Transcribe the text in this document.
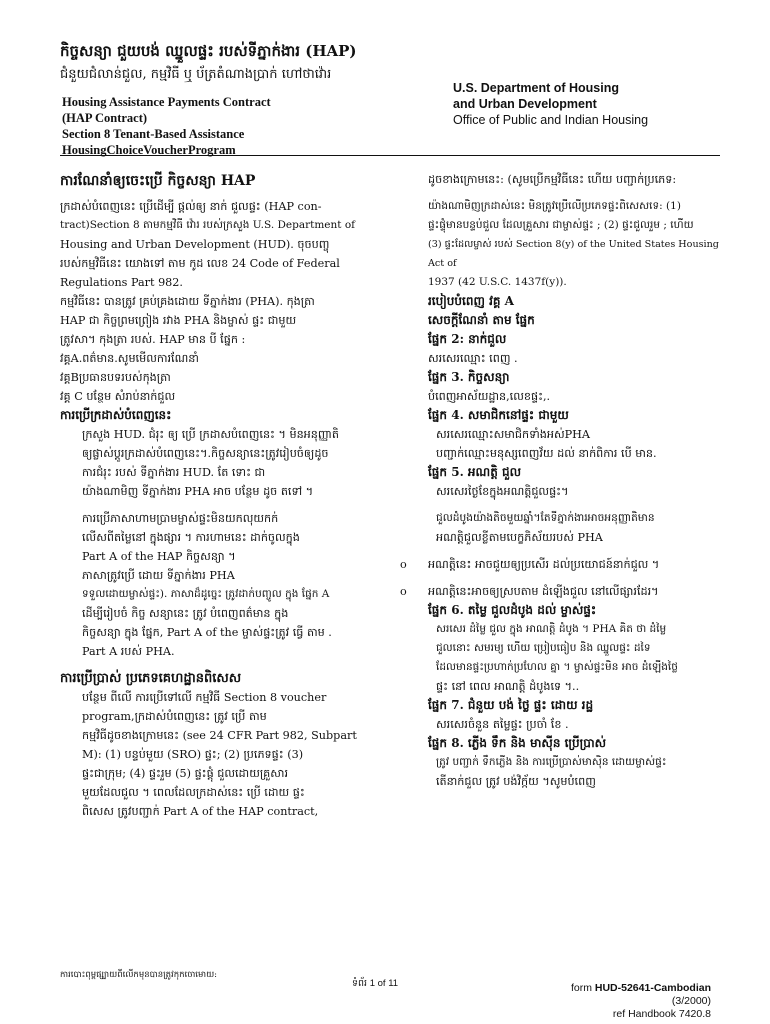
កិច្ចសន្យា ជួយបង់ ឈ្នួលផ្ទះ របស់ទីភ្នាក់ងារ (HAP)
ជំនួយជំលាន់ជួល, កម្មវិធី ឬ ប័ត្រតំណាងប្រាក់ ហៅថាវ៉ោរ
Housing Assistance Payments Contract
(HAP Contract)
Section 8 Tenant-Based Assistance
HousingChoiceVoucherProgram
U.S. Department of Housing
and Urban Development
Office of Public and Indian Housing

ការណែនាំឲ្យចេះប្រើ កិច្ចសន្យា HAP

ក្រដាស់បំពេញនេះ ប្រើដើម្បី ផ្តល់ឲ្យ នាក់ ជួលផ្ទះ (HAP con-

tract)Section 8 តាមកម្មវិធី វ៉ោរ របស់ក្រសួង U.S. Department of

Housing and Urban Development (HUD). ចុចបញ្ចុ

របស់កម្មវិធីនេះ យោងទៅ តាម កូដ លេខ 24 Code of Federal

Regulations Part 982.

កម្មវិធីនេះ បានត្រូវ គ្រប់គ្រងដោយ ទីភ្នាក់ងារ (PHA). កុងត្រា

HAP ជា កិច្ចព្រមព្រៀង រវាង PHA និងម្ចាស់ ផ្ទះ ជាមួយ

ត្រូវសា។ កុងត្រា របស់. HAP មាន បី ផ្នែក :

វគ្គA.ពត៌មាន.សូមមើលការណែនាំ

វគ្គBប្រធានបទរបស់កុងត្រា

វគ្គ C បន្ថែម សំរាប់នាក់ជួល

ការប្រើក្រដាស់បំពេញនេះ

ក្រសួង HUD. ជំរុះ ឲ្យ ប្រើ ក្រដាសបំពេញនេះ ។ មិនអនុញ្ញាតិ

ឲ្យផ្លាស់ប្តូរក្រដាស់បំពេញនេះ។.កិច្ចសន្យានេះត្រូវរៀបចំឲ្យដូច

ការជំរុះ របស់ ទីភ្នាក់ងារ HUD. តែ ទោះ ជា

យ៉ាងណាមិញ ទីភ្នាក់ងារ PHA អាច បន្ថែម ដូច តទៅ ។

ការប្រើភាសាហាមប្រាមម្ចាស់ផ្ទះមិនយកលុយកក់

លើសពីតម្លៃនៅ ក្នុងផ្សារ ។ ការហាមនេះ ដាក់ចូលក្នុង

Part A of the HAP កិច្ចសន្យា ។

ភាសាត្រូវប្រើ ដោយ ទីភ្នាក់ងារ PHA

ទទួលដោយម្ចាស់ផ្ទះ). ភាសាដ៏ដូច្នេះ ត្រូវដាក់បញ្ចូល ក្នុង ផ្នែក A

ដើម្បីរៀបចំ កិច្ច សន្យានេះ ត្រូវ បំពេញពត៌មាន ក្នុង

កិច្ចសន្យា ក្នុង ផ្នែក, Part A of the ម្ចាស់ផ្ទះត្រូវ ធ្វើ តាម .

Part A របស់ PHA.

ការប្រើប្រាស់ ប្រភេទគេហដ្ឋានពិសេស

បន្ថែម ពីលើ ការប្រើទៅលើ កម្មវិធី Section 8 voucher

program,ក្រដាស់បំពេញនេះ ត្រូវ ប្រើ តាម

កម្មវិធីដូចខាងក្រោមនេះ (see 24 CFR Part 982, Subpart

M): (1) បន្ទប់មួយ (SRO) ផ្ទះ; (2) ប្រភេទផ្ទះ (3)

ផ្ទះជាក្រុម; (4) ផ្ទះរួម (5) ផ្ទះផ្ដុំ ជួលដោយគ្រួសារ

មួយដែលជួល ។ ពេលដែលក្រដាស់នេះ ប្រើ ដោយ ផ្ទះ

ពិសេស ត្រូវបញ្ជាក់ Part A of the HAP contract,

ដូចខាងក្រោមនេះ: (សូមប្រើកម្មវិធីនេះ ហើយ បញ្ជាក់ប្រភេទ:

យ៉ាងណាមិញក្រដាស់នេះ មិនត្រូវប្រើលើប្រភេទផ្ទះពិសេសទេ: (1)

ផ្ទះផ្ទុំមានបន្ទប់ជួល ដែលគ្រួសារ ជាម្ចាស់ផ្ទះ ; (2) ផ្ទះជួលរួម ; ហើយ

(3) ផ្ទះដែលម្ចាស់ របស់ Section 8(y) of the United States Housing Act of

1937 (42 U.S.C. 1437f(y)).

របៀបបំពេញ វគ្គ A

សេចក្តីណែនាំ តាម ផ្នែក

ផ្នែក 2: នាក់ជួល

សរសេរឈ្មោះ ពេញ .

ផ្នែក 3. កិច្ចសន្យា

បំពេញអាស័យដ្ឋាន,លេខផ្ទះ,.

ផ្នែក 4. សមាជិកនៅផ្ទះ ជាមួយ

សរសេរឈ្មោះសមាជិកទាំងអស់PHA

បញ្ជាក់ឈ្មោះមនុស្សពេញវ័យ ដល់ នាក់ពិការ បើ មាន.

ផ្នែក 5. អណត្តិ ជួល

សរសេរថ្ងៃខែក្នុងអណត្តិជួលផ្ទះ។

ជួលដំបូងយ៉ាងតិចមួយឆ្នាំ។តែទីភ្នាក់ងារអាចអនុញ្ញាតិមាន

អណត្តិជួលខ្លីតាមបេក្ខភិស័យរបស់ PHA

o អណត្តិនេះ អាចជួយឲ្យប្រសើរ ដល់ប្រយោជន៍នាក់ជួល ។
o អណត្តិនេះអាចឲ្យស្របតាម ដំឡើងជួល នៅលើផ្សារដែរ។

ផ្នែក 6. តម្លៃ ជួលដំបូង ដល់ ម្ចាស់ផ្ទះ

សរសេរ ដំម្លៃ ជួល ក្នុង អាណត្តិ ដំបូង ។ PHA គិត ថា ដំម្លៃ

ជួលនោះ សមរម្យ ហើយ ប្រៀបធៀប និង ឈ្នួលផ្ទះ ដទៃ

ដែលមានផ្ទះប្រហាក់ប្រហែល គ្នា ។ ម្ចាស់ផ្ទះមិន អាច ដំឡើងថ្លៃ

ផ្ទះ នៅ ពេល អាណត្តិ ដំបូងទេ ។..

ផ្នែក 7. ជំនួយ បង់ ថ្លៃ ផ្ទះ ដោយ រដ្ឋ

សរសេរចំនួន តម្លៃផ្ទះ ប្រចាំ ខែ .

ផ្នែក 8. ភ្លើង ទឹក និង មាស៊ីន ប្រើប្រាស់

ត្រូវ បញ្ជាក់ ទឹកភ្លើង និង ការប្រើប្រាស់មាស៊ិន ដោយម្ចាស់ផ្ទះ

តើនាក់ជួល ត្រូវ បង់វិក្ក័យ ។សូមបំពេញ

ការបោះពុម្ពផ្ស្បាយពីលើកមុនបានត្រូវកុកចោមោយ:
ទំព័រ 1 of 11	form HUD-52641-Cambodian (3/2000)
ref Handbook 7420.8
